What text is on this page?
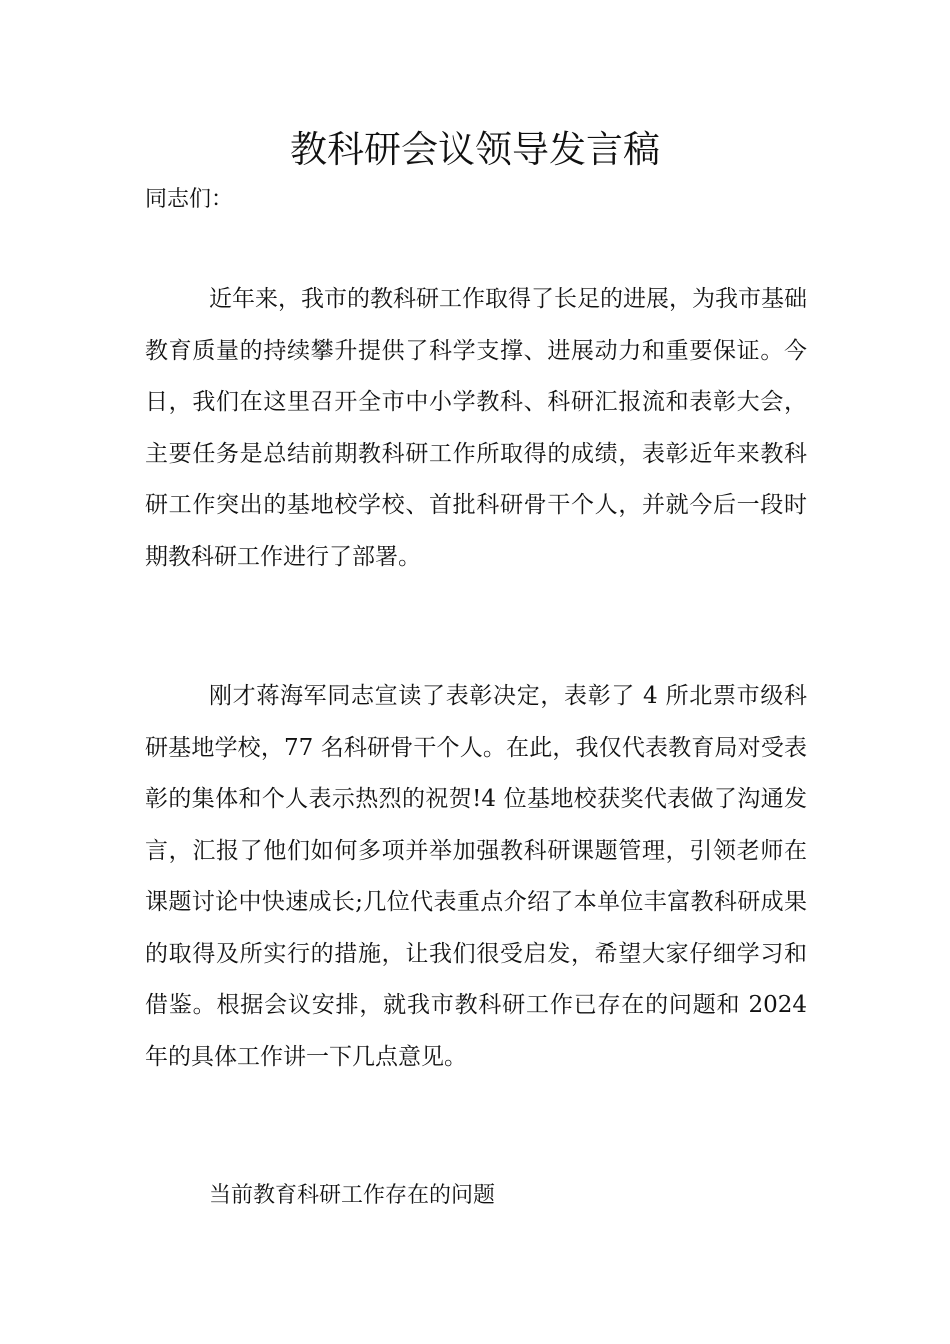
教科研会议领导发言稿

同志们：

近年来，我市的教科研工作取得了长足的进展，为我市基础教育质量的持续攀升提供了科学支撑、进展动力和重要保证。今日，我们在这里召开全市中小学教科、科研汇报流和表彰大会，主要任务是总结前期教科研工作所取得的成绩，表彰近年来教科研工作突出的基地校学校、首批科研骨干个人，并就今后一段时期教科研工作进行了部署。

刚才蒋海军同志宣读了表彰决定，表彰了 4 所北票市级科研基地学校，77 名科研骨干个人。在此，我仅代表教育局对受表彰的集体和个人表示热烈的祝贺!4 位基地校获奖代表做了沟通发言，汇报了他们如何多项并举加强教科研课题管理，引领老师在课题讨论中快速成长;几位代表重点介绍了本单位丰富教科研成果的取得及所实行的措施，让我们很受启发，希望大家仔细学习和借鉴。根据会议安排，就我市教科研工作已存在的问题和 2024 年的具体工作讲一下几点意见。

当前教育科研工作存在的问题
